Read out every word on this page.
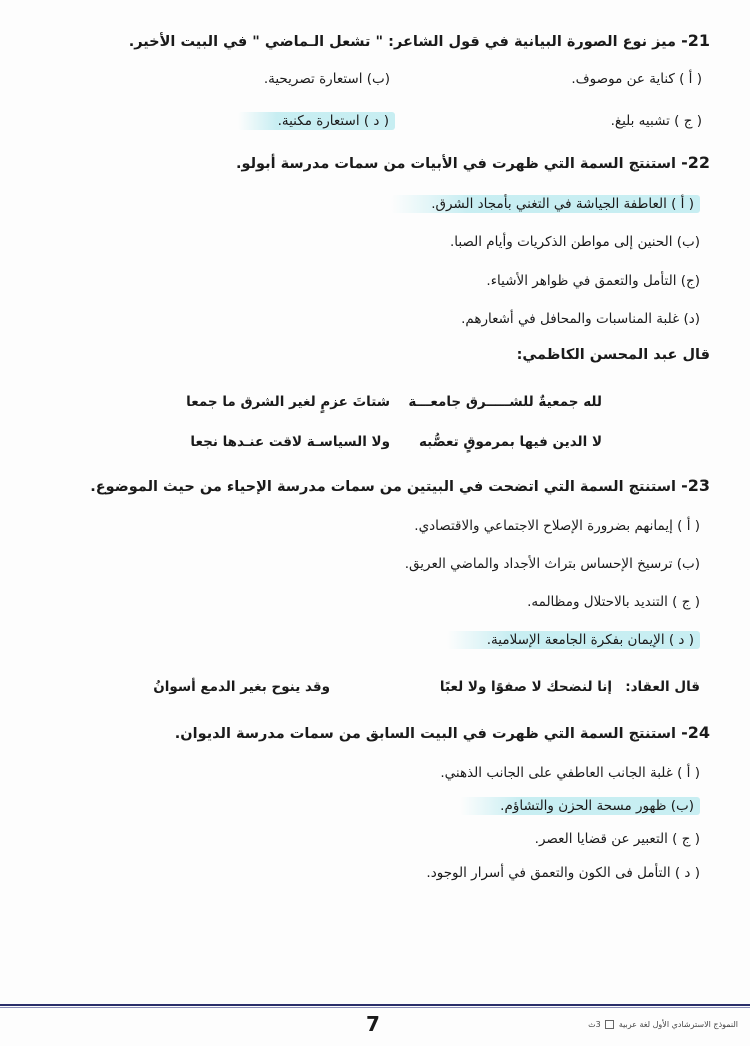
21- ميز نوع الصورة البيانية في قول الشاعر: " تشعل الـماضي " في البيت الأخير.
( أ ) كناية عن موصوف.
(ب) استعارة تصريحية.
( ج ) تشبيه بليغ.
( د ) استعارة مكنية.
22- استنتج السمة التي ظهرت في الأبيات من سمات مدرسة أبولو.
( أ ) العاطفة الجياشة في التغني بأمجاد الشرق.
(ب) الحنين إلى مواطن الذكريات وأيام الصبا.
(ج) التأمل والتعمق في ظواهر الأشياء.
(د) غلبة المناسبات والمحافل في أشعارهم.
قال عبد المحسن الكاظمي:
لله جمعيةٌ للشـــــرق جامعـــة
شتاتَ عزمٍ لغير الشرق ما جمعا
لا الدين فيها بمرموقٍ تعصُّبه
ولا السياسـة لاقت عنـدها نجعا
23- استنتج السمة التي اتضحت في البيتين من سمات مدرسة الإحياء من حيث الموضوع.
( أ ) إيمانهم بضرورة الإصلاح الاجتماعي والاقتصادي.
(ب) ترسيخ الإحساس بتراث الأجداد والماضي العريق.
( ج ) التنديد بالاحتلال ومظالمه.
( د ) الإيمان بفكرة الجامعة الإسلامية.
قال العقاد:
إنا لنضحك لا صفوًا ولا لعبًا
وقد ينوح بغير الدمع أسوانُ
24- استنتج السمة التي ظهرت في البيت السابق من سمات مدرسة الديوان.
( أ ) غلبة الجانب العاطفي على الجانب الذهني.
(ب) ظهور مسحة الحزن والتشاؤم.
( ج ) التعبير عن قضايا العصر.
( د ) التأمل فى الكون والتعمق في أسرار الوجود.
7	النموذج الاسترشادي الأول لغة عربية  3ث
